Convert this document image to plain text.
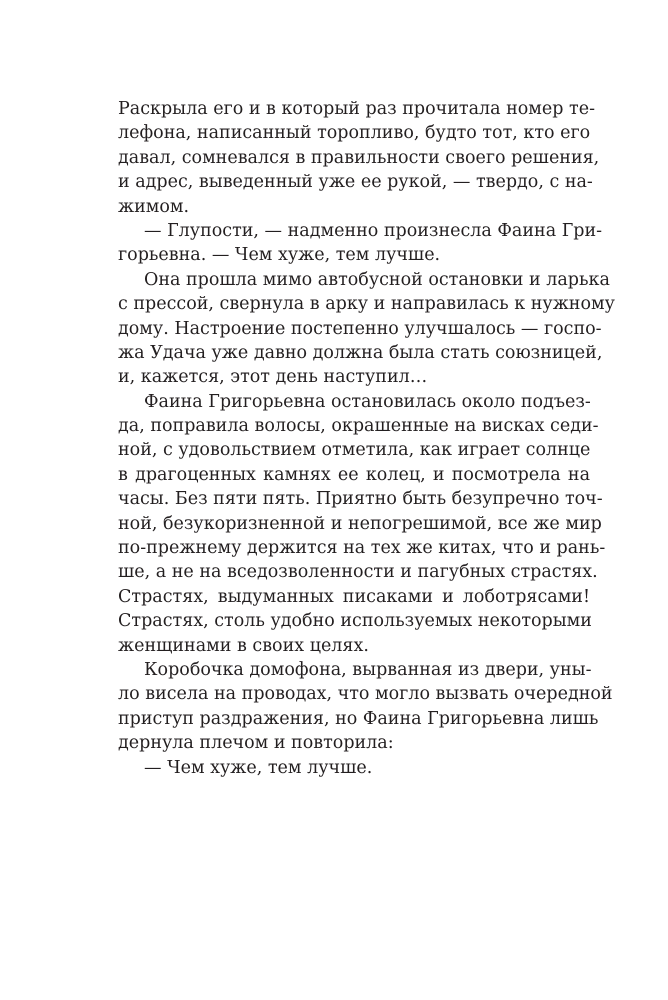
Раскрыла его и в который раз прочитала номер те-
лефона, написанный торопливо, будто тот, кто его
давал, сомневался в правильности своего решения,
и адрес, выведенный уже ее рукой, — твердо, с на-
жимом.
— Глупости, — надменно произнесла Фаина Гри-
горьевна. — Чем хуже, тем лучше.
Она прошла мимо автобусной остановки и ларька
с прессой, свернула в арку и направилась к нужному
дому. Настроение постепенно улучшалось — госпо-
жа Удача уже давно должна была стать союзницей,
и, кажется, этот день наступил…
Фаина Григорьевна остановилась около подъез-
да, поправила волосы, окрашенные на висках седи-
ной, с удовольствием отметила, как играет солнце
в драгоценных камнях ее колец, и посмотрела на
часы. Без пяти пять. Приятно быть безупречно точ-
ной, безукоризненной и непогрешимой, все же мир
по-прежнему держится на тех же китах, что и рань-
ше, а не на вседозволенности и пагубных страстях.
Страстях, выдуманных писаками и лоботрясами!
Страстях, столь удобно используемых некоторыми
женщинами в своих целях.
Коробочка домофона, вырванная из двери, уны-
ло висела на проводах, что могло вызвать очередной
приступ раздражения, но Фаина Григорьевна лишь
дернула плечом и повторила:
— Чем хуже, тем лучше.
